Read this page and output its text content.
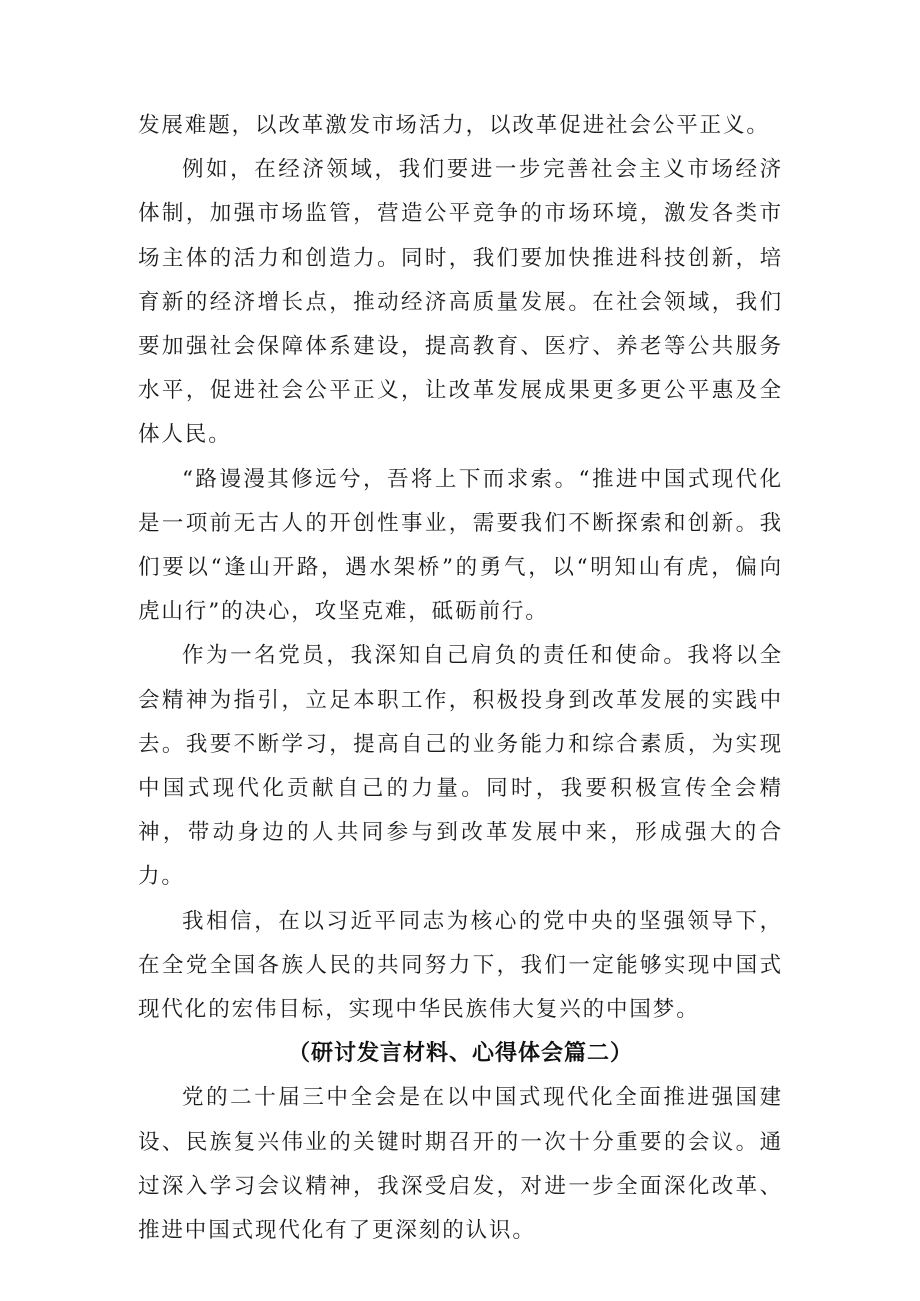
发展难题，以改革激发市场活力，以改革促进社会公平正义。

例如，在经济领域，我们要进一步完善社会主义市场经济体制，加强市场监管，营造公平竞争的市场环境，激发各类市场主体的活力和创造力。同时，我们要加快推进科技创新，培育新的经济增长点，推动经济高质量发展。在社会领域，我们要加强社会保障体系建设，提高教育、医疗、养老等公共服务水平，促进社会公平正义，让改革发展成果更多更公平惠及全体人民。

“路谩漫其修远兮，吾将上下而求索。“推进中国式现代化是一项前无古人的开创性事业，需要我们不断探索和创新。我们要以“逢山开路，遇水架桥”的勇气，以“明知山有虎，偏向虎山行”的决心，攻坚克难，砥砺前行。

作为一名党员，我深知自己肩负的责任和使命。我将以全会精神为指引，立足本职工作，积极投身到改革发展的实践中去。我要不断学习，提高自己的业务能力和综合素质，为实现中国式现代化贡献自己的力量。同时，我要积极宣传全会精神，带动身边的人共同参与到改革发展中来，形成强大的合力。

我相信，在以习近平同志为核心的党中央的坚强领导下，在全党全国各族人民的共同努力下，我们一定能够实现中国式现代化的宏伟目标，实现中华民族伟大复兴的中国梦。

（研讨发言材料、心得体会篇二）

党的二十届三中全会是在以中国式现代化全面推进强国建设、民族复兴伟业的关键时期召开的一次十分重要的会议。通过深入学习会议精神，我深受启发，对进一步全面深化改革、推进中国式现代化有了更深刻的认识。
